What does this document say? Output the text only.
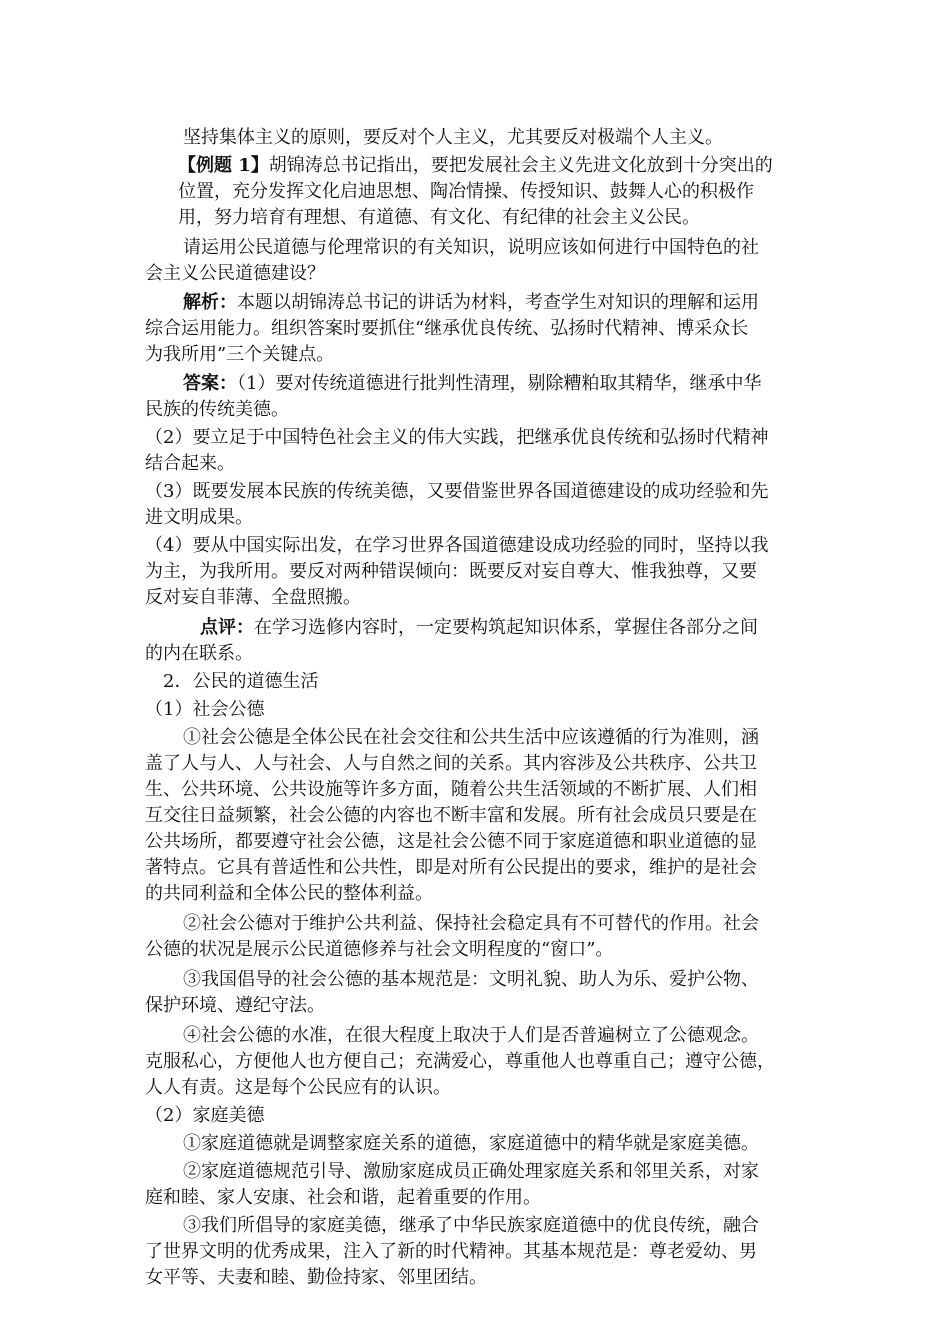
坚持集体主义的原则，要反对个人主义，尤其要反对极端个人主义。
【例题 1】胡锦涛总书记指出，要把发展社会主义先进文化放到十分突出的
位置，充分发挥文化启迪思想、陶冶情操、传授知识、鼓舞人心的积极作
用，努力培育有理想、有道德、有文化、有纪律的社会主义公民。
请运用公民道德与伦理常识的有关知识，说明应该如何进行中国特色的社
会主义公民道德建设？
解析：本题以胡锦涛总书记的讲话为材料，考查学生对知识的理解和运用
综合运用能力。组织答案时要抓住“继承优良传统、弘扬时代精神、博采众长
为我所用”三个关键点。
答案：（1）要对传统道德进行批判性清理，剔除糟粕取其精华，继承中华
民族的传统美德。
（2）要立足于中国特色社会主义的伟大实践，把继承优良传统和弘扬时代精神
结合起来。
（3）既要发展本民族的传统美德，又要借鉴世界各国道德建设的成功经验和先
进文明成果。
（4）要从中国实际出发，在学习世界各国道德建设成功经验的同时，坚持以我
为主，为我所用。要反对两种错误倾向：既要反对妄自尊大、惟我独尊，又要
反对妄自菲薄、全盘照搬。
点评：在学习选修内容时，一定要构筑起知识体系，掌握住各部分之间
的内在联系。
2．公民的道德生活
（1）社会公德
①社会公德是全体公民在社会交往和公共生活中应该遵循的行为准则，涵
盖了人与人、人与社会、人与自然之间的关系。其内容涉及公共秩序、公共卫
生、公共环境、公共设施等许多方面，随着公共生活领域的不断扩展、人们相
互交往日益频繁，社会公德的内容也不断丰富和发展。所有社会成员只要是在
公共场所，都要遵守社会公德，这是社会公德不同于家庭道德和职业道德的显
著特点。它具有普适性和公共性，即是对所有公民提出的要求，维护的是社会
的共同利益和全体公民的整体利益。
②社会公德对于维护公共利益、保持社会稳定具有不可替代的作用。社会
公德的状况是展示公民道德修养与社会文明程度的“窗口”。
③我国倡导的社会公德的基本规范是：文明礼貌、助人为乐、爱护公物、
保护环境、遵纪守法。
④社会公德的水准，在很大程度上取决于人们是否普遍树立了公德观念。
克服私心，方便他人也方便自己；充满爱心，尊重他人也尊重自己；遵守公德，
人人有责。这是每个公民应有的认识。
（2）家庭美德
①家庭道德就是调整家庭关系的道德，家庭道德中的精华就是家庭美德。
②家庭道德规范引导、激励家庭成员正确处理家庭关系和邻里关系，对家
庭和睦、家人安康、社会和谐，起着重要的作用。
③我们所倡导的家庭美德，继承了中华民族家庭道德中的优良传统，融合
了世界文明的优秀成果，注入了新的时代精神。其基本规范是：尊老爱幼、男
女平等、夫妻和睦、勤俭持家、邻里团结。
